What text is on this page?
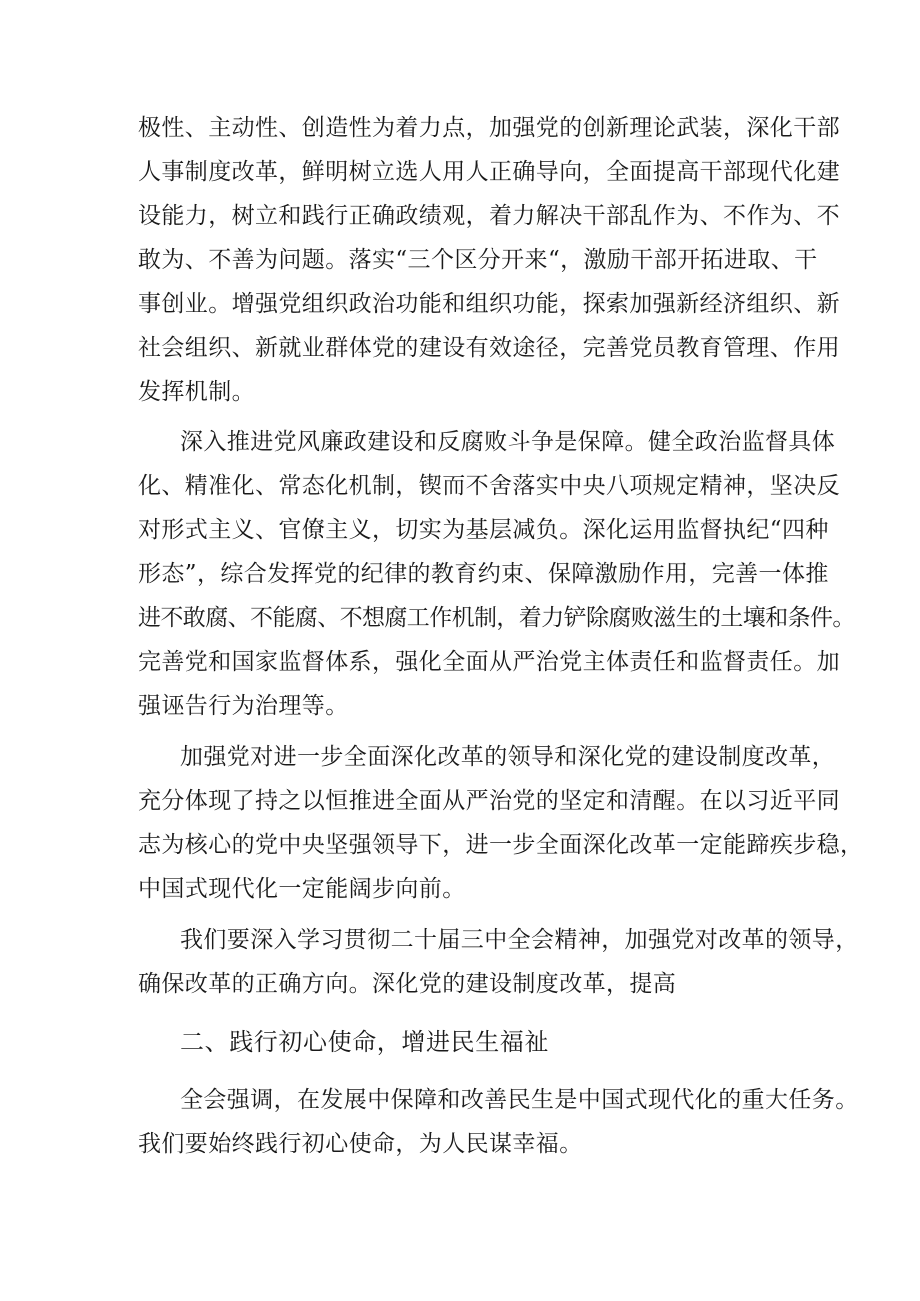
极性、主动性、创造性为着力点，加强党的创新理论武装，深化干部
人事制度改革，鲜明树立选人用人正确导向，全面提高干部现代化建
设能力，树立和践行正确政绩观，着力解决干部乱作为、不作为、不
敢为、不善为问题。落实“三个区分开来“，激励干部开拓进取、干
事创业。增强党组织政治功能和组织功能，探索加强新经济组织、新
社会组织、新就业群体党的建设有效途径，完善党员教育管理、作用
发挥机制。
深入推进党风廉政建设和反腐败斗争是保障。健全政治监督具体
化、精准化、常态化机制，锲而不舍落实中央八项规定精神，坚决反
对形式主义、官僚主义，切实为基层减负。深化运用监督执纪“四种
形态”，综合发挥党的纪律的教育约束、保障激励作用，完善一体推
进不敢腐、不能腐、不想腐工作机制，着力铲除腐败滋生的土壤和条件。
完善党和国家监督体系，强化全面从严治党主体责任和监督责任。加
强诬告行为治理等。
加强党对进一步全面深化改革的领导和深化党的建设制度改革，
充分体现了持之以恒推进全面从严治党的坚定和清醒。在以习近平同
志为核心的党中央坚强领导下，进一步全面深化改革一定能蹄疾步稳，
中国式现代化一定能阔步向前。
我们要深入学习贯彻二十届三中全会精神，加强党对改革的领导，
确保改革的正确方向。深化党的建设制度改革，提高
二、践行初心使命，增进民生福祉
全会强调，在发展中保障和改善民生是中国式现代化的重大任务。
我们要始终践行初心使命，为人民谋幸福。
